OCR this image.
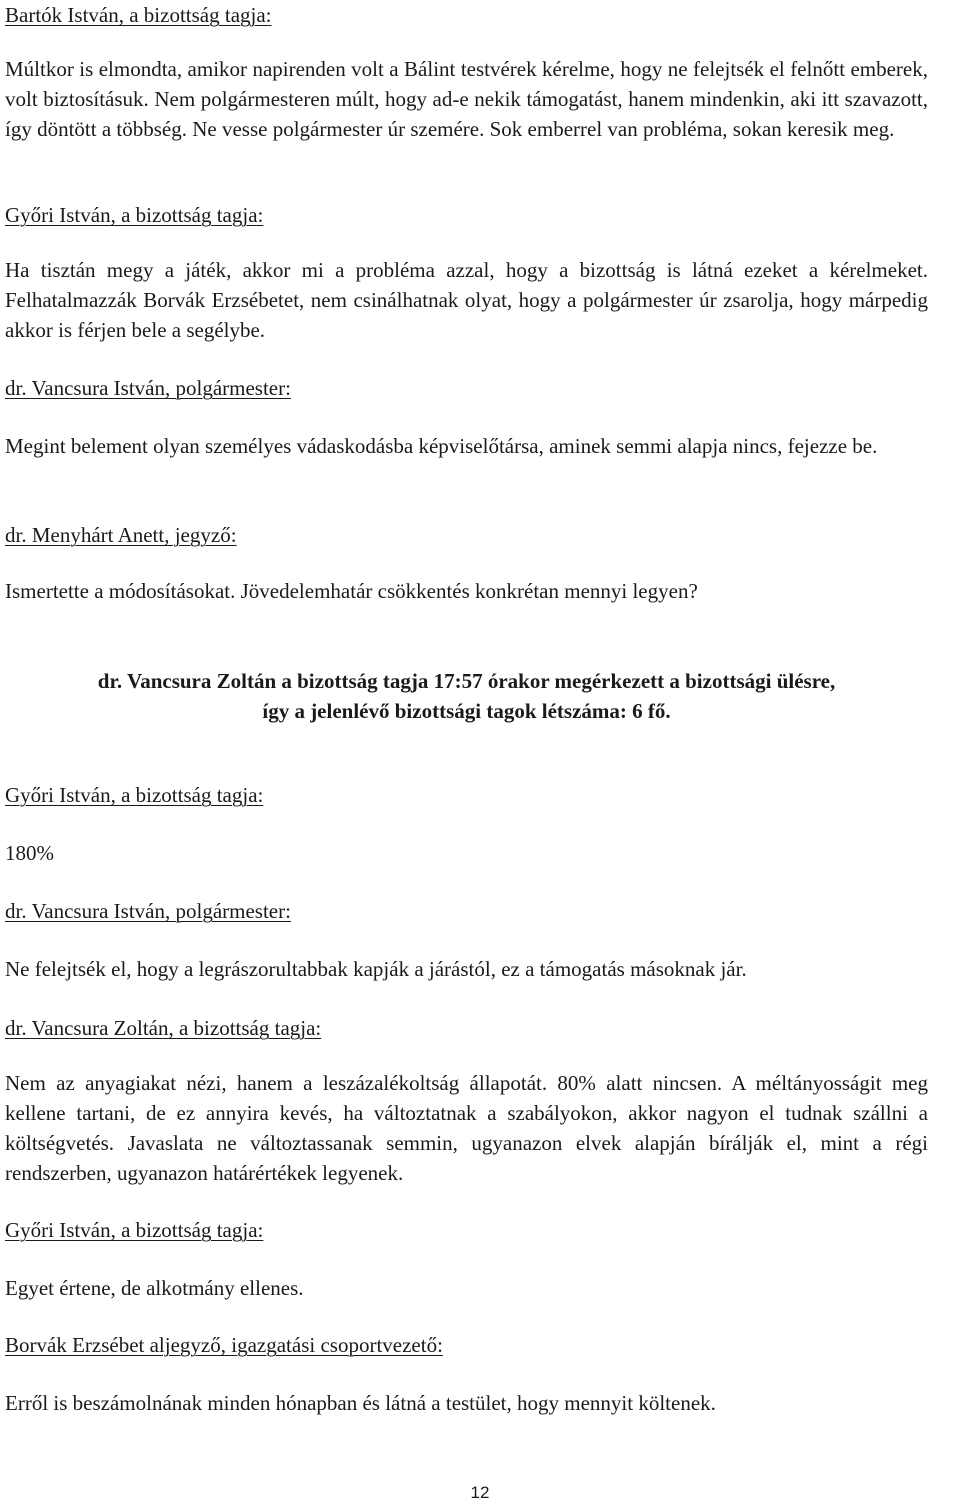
Bartók István, a bizottság tagja:

Múltkor is elmondta, amikor napirenden volt a Bálint testvérek kérelme, hogy ne felejtsék el felnőtt emberek, volt biztosításuk. Nem polgármesteren múlt, hogy ad-e nekik támogatást, hanem mindenkin, aki itt szavazott, így döntött a többség. Ne vesse polgármester úr szemére. Sok emberrel van probléma, sokan keresik meg.

Győri István, a bizottság tagja:

Ha tisztán megy a játék, akkor mi a probléma azzal, hogy a bizottság is látná ezeket a kérelmeket. Felhatalmazzák Borvák Erzsébetet, nem csinálhatnak olyat, hogy a polgármester úr zsarolja, hogy márpedig akkor is férjen bele a segélybe.

dr. Vancsura István, polgármester:

Megint belement olyan személyes vádaskodásba képviselőtársa, aminek semmi alapja nincs, fejezze be.

dr. Menyhárt Anett, jegyző:

Ismertette a módosításokat. Jövedelemhatár csökkentés konkrétan mennyi legyen?

dr. Vancsura Zoltán a bizottság tagja 17:57 órakor megérkezett a bizottsági ülésre,

így a jelenlévő bizottsági tagok létszáma: 6 fő.

Győri István, a bizottság tagja:

180%

dr. Vancsura István, polgármester:

Ne felejtsék el, hogy a legrászorultabbak kapják a járástól, ez a támogatás másoknak jár.

dr. Vancsura Zoltán, a bizottság tagja:

Nem az anyagiakat nézi, hanem a leszázalékoltság állapotát. 80% alatt nincsen. A méltányosságit meg kellene tartani, de ez annyira kevés, ha változtatnak a szabályokon, akkor nagyon el tudnak szállni a költségvetés. Javaslata ne változtassanak semmin, ugyanazon elvek alapján bírálják el, mint a régi rendszerben, ugyanazon határértékek legyenek.

Győri István, a bizottság tagja:

Egyet értene, de alkotmány ellenes.

Borvák Erzsébet aljegyző, igazgatási csoportvezető:

Erről is beszámolnának minden hónapban és látná a testület, hogy mennyit költenek.

12
